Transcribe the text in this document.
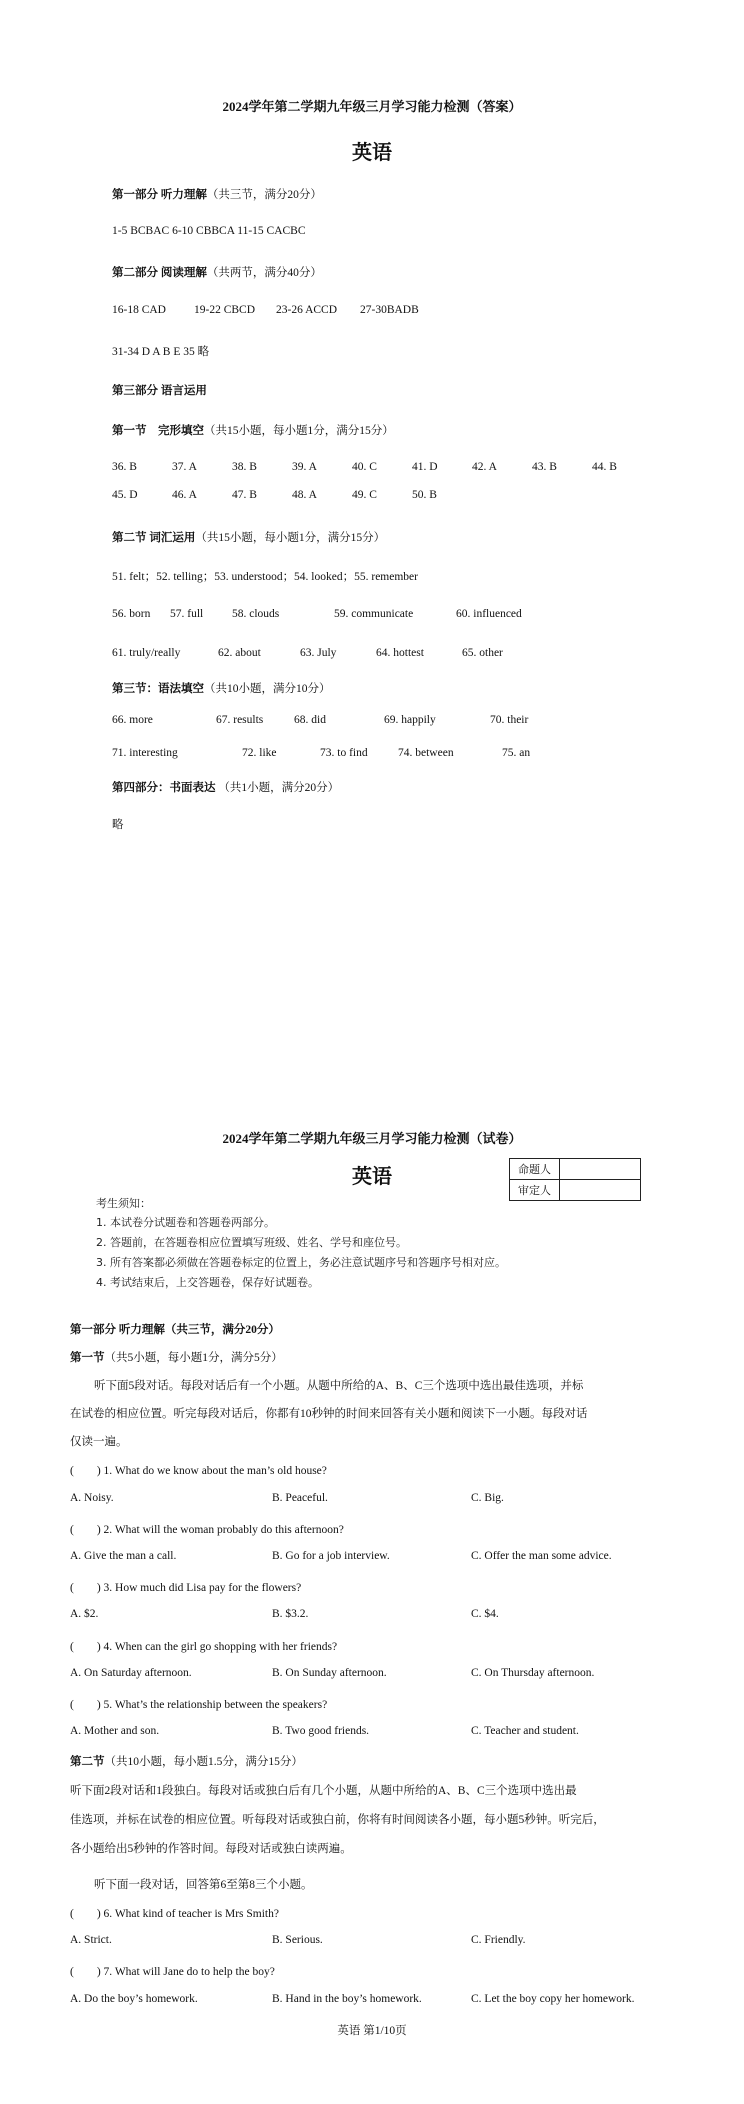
2024学年第二学期九年级三月学习能力检测（答案）
英语
第一部分 听力理解（共三节，满分20分）
1-5 BCBAC 6-10 CBBCA 11-15 CACBC
第二部分 阅读理解（共两节，满分40分）
16-18 CAD 19-22 CBCD 23-26 ACCD 27-30BADB
31-34 D A B E 35 略
第三部分 语言运用
第一节　完形填空（共15小题，每小题1分，满分15分）
36. B	37. A	38. B	39. A	40. C	41. D	42. A	43. B	44. B
45. D	46. A	47. B	48. A	49. C	50. B
第二节 词汇运用（共15小题，每小题1分，满分15分）
51. felt；52. telling；53. understood；54. looked；55. remember
56. born 57. full	58. clouds	59. communicate	60. influenced
61. truly/really	62. about	63. July	64. hottest	65. other
第三节：语法填空（共10小题，满分10分）
66. more	67. results	68. did	69. happily	70. their
71. interesting	72. like	73. to find	74. between	75. an
第四部分：书面表达 （共1小题，满分20分）
略
2024学年第二学期九年级三月学习能力检测（试卷）
英语	命题人	
审定人	
考生须知：
1. 本试卷分试题卷和答题卷两部分。
2. 答题前，在答题卷相应位置填写班级、姓名、学号和座位号。
3. 所有答案都必须做在答题卷标定的位置上，务必注意试题序号和答题序号相对应。
4. 考试结束后，上交答题卷，保存好试题卷。
第一部分 听力理解（共三节，满分20分）
第一节（共5小题，每小题1分，满分5分）
听下面5段对话。每段对话后有一个小题。从题中所给的A、B、C三个选项中选出最佳选项，并标
在试卷的相应位置。听完每段对话后，你都有10秒钟的时间来回答有关小题和阅读下一小题。每段对话
仅读一遍。
(　　) 1. What do we know about the man’s old house?
A. Noisy.	B. Peaceful.	C. Big.
(　　) 2. What will the woman probably do this afternoon?
A. Give the man a call.	B. Go for a job interview.	C. Offer the man some advice.
(　　) 3. How much did Lisa pay for the flowers?
A. $2.	B. $3.2.	C. $4.
(　　) 4. When can the girl go shopping with her friends?
A. On Saturday afternoon.	B. On Sunday afternoon.	C. On Thursday afternoon.
(　　) 5. What’s the relationship between the speakers?
A. Mother and son.	B. Two good friends.	C. Teacher and student.
第二节（共10小题，每小题1.5分，满分15分）
听下面2段对话和1段独白。每段对话或独白后有几个小题，从题中所给的A、B、C三个选项中选出最
佳选项，并标在试卷的相应位置。听每段对话或独白前，你将有时间阅读各小题，每小题5秒钟。听完后，
各小题给出5秒钟的作答时间。每段对话或独白读两遍。
听下面一段对话，回答第6至第8三个小题。
(　　) 6. What kind of teacher is Mrs Smith?
A. Strict.	B. Serious.	C. Friendly.
(　　) 7. What will Jane do to help the boy?
A. Do the boy’s homework.	B. Hand in the boy’s homework.	C. Let the boy copy her homework.
英语 第1/10页
